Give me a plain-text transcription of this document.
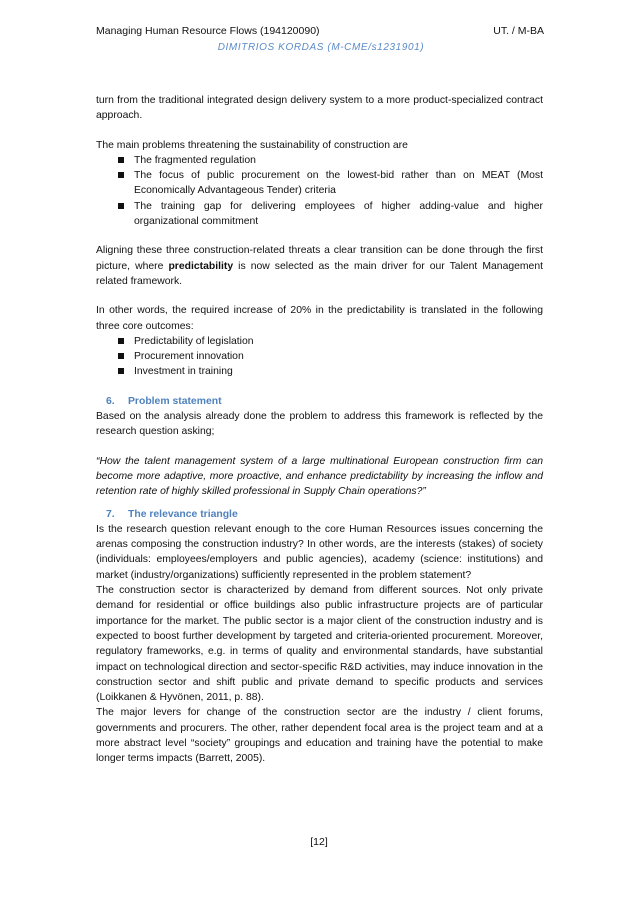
Managing Human Resource Flows (194120090)	UT. / M-BA
DIMITRIOS KORDAS (M-CME/s1231901)

turn from the traditional integrated design delivery system to a more product-specialized contract approach.

The main problems threatening the sustainability of construction are

The fragmented regulation
The focus of public procurement on the lowest-bid rather than on MEAT (Most Economically Advantageous Tender) criteria
The training gap for delivering employees of higher adding-value and higher organizational commitment

Aligning these three construction-related threats a clear transition can be done through the first picture, where predictability is now selected as the main driver for our Talent Management related framework.

In other words, the required increase of 20% in the predictability is translated in the following three core outcomes:

Predictability of legislation
Procurement innovation
Investment in training
6. Problem statement

Based on the analysis already done the problem to address this framework is reflected by the research question asking;

“How the talent management system of a large multinational European construction firm can become more adaptive, more proactive, and enhance predictability by increasing the inflow and retention rate of highly skilled professional in Supply Chain operations?”

7. The relevance triangle

Is the research question relevant enough to the core Human Resources issues concerning the arenas composing the construction industry? In other words, are the interests (stakes) of society (individuals: employees/employers and public agencies), academy (science: institutions) and market (industry/organizations) sufficiently represented in the problem statement?

The construction sector is characterized by demand from different sources. Not only private demand for residential or office buildings also public infrastructure projects are of particular importance for the market. The public sector is a major client of the construction industry and is expected to boost further development by targeted and criteria-oriented procurement. Moreover, regulatory frameworks, e.g. in terms of quality and environmental standards, have substantial impact on technological direction and sector-specific R&D activities, may induce innovation in the construction sector and shift public and private demand to specific products and services (Loikkanen & Hyvönen, 2011, p. 88).

The major levers for change of the construction sector are the industry / client forums, governments and procurers. The other, rather dependent focal area is the project team and at a more abstract level “society” groupings and education and training have the potential to make longer terms impacts (Barrett, 2005).

[12]
